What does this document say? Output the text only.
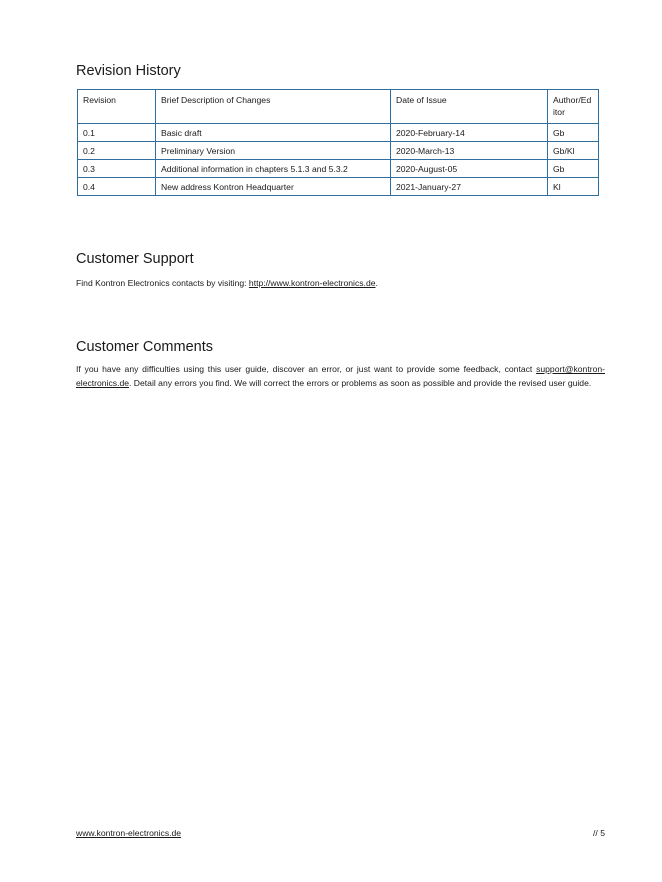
Revision History
Revision	Brief Description of Changes	Date of Issue	Author/Editor
0.1	Basic draft	2020-February-14	Gb
0.2	Preliminary Version	2020-March-13	Gb/Kl
0.3	Additional information in chapters 5.1.3 and 5.3.2	2020-August-05	Gb
0.4	New address Kontron Headquarter	2021-January-27	Kl
Customer Support

Find Kontron Electronics contacts by visiting: http://www.kontron-electronics.de.

Customer Comments

If you have any difficulties using this user guide, discover an error, or just want to provide some feedback, contact support@kontron-electronics.de. Detail any errors you find. We will correct the errors or problems as soon as possible and provide the revised user guide.

www.kontron-electronics.de	// 5
